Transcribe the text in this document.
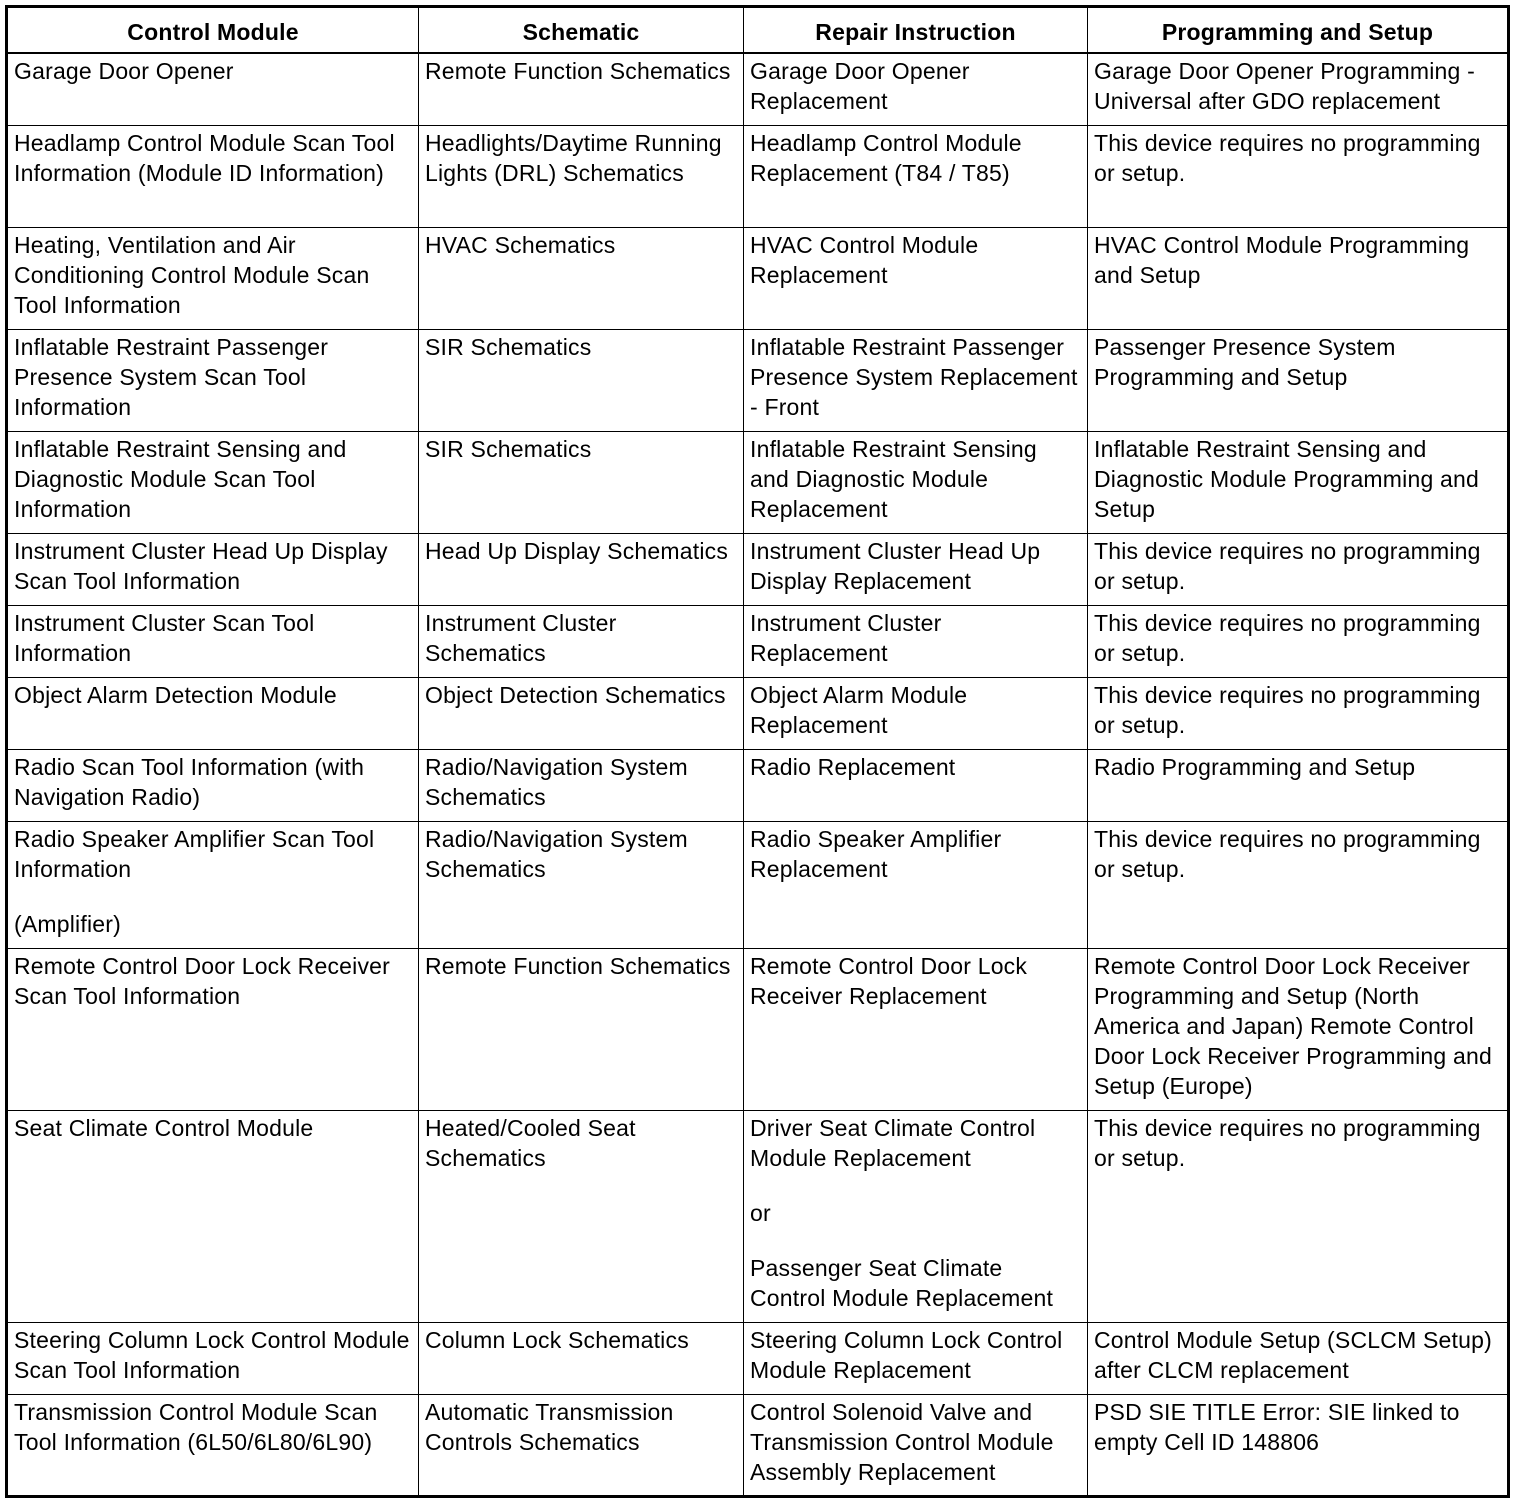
Control Module	Schematic	Repair Instruction	Programming and Setup

Garage Door Opener	Remote Function Schematics	Garage Door Opener Replacement	Garage Door Opener Programming - Universal after GDO replacement

Headlamp Control Module Scan Tool Information (Module ID Information)	Headlights/Daytime Running Lights (DRL) Schematics	Headlamp Control Module Replacement (T84 / T85)	This device requires no programming or setup.

Heating, Ventilation and Air Conditioning Control Module Scan Tool Information	HVAC Schematics	HVAC Control Module Replacement	HVAC Control Module Programming and Setup

Inflatable Restraint Passenger Presence System Scan Tool Information	SIR Schematics	Inflatable Restraint Passenger Presence System Replacement - Front	Passenger Presence System Programming and Setup

Inflatable Restraint Sensing and Diagnostic Module Scan Tool Information	SIR Schematics	Inflatable Restraint Sensing and Diagnostic Module Replacement	Inflatable Restraint Sensing and Diagnostic Module Programming and Setup

Instrument Cluster Head Up Display Scan Tool Information	Head Up Display Schematics	Instrument Cluster Head Up Display Replacement	This device requires no programming or setup.

Instrument Cluster Scan Tool Information	Instrument Cluster Schematics	Instrument Cluster Replacement	This device requires no programming or setup.

Object Alarm Detection Module	Object Detection Schematics	Object Alarm Module Replacement	This device requires no programming or setup.

Radio Scan Tool Information (with Navigation Radio)	Radio/Navigation System Schematics	Radio Replacement	Radio Programming and Setup

Radio Speaker Amplifier Scan Tool Information
(Amplifier)	Radio/Navigation System Schematics	Radio Speaker Amplifier Replacement	This device requires no programming or setup.

Remote Control Door Lock Receiver Scan Tool Information	Remote Function Schematics	Remote Control Door Lock Receiver Replacement	Remote Control Door Lock Receiver Programming and Setup (North America and Japan) Remote Control Door Lock Receiver Programming and Setup (Europe)

Seat Climate Control Module	Heated/Cooled Seat Schematics	Driver Seat Climate Control Module Replacement
or
Passenger Seat Climate Control Module Replacement	This device requires no programming or setup.

Steering Column Lock Control Module Scan Tool Information	Column Lock Schematics	Steering Column Lock Control Module Replacement	Control Module Setup (SCLCM Setup) after CLCM replacement

Transmission Control Module Scan Tool Information (6L50/6L80/6L90)	Automatic Transmission Controls Schematics	Control Solenoid Valve and Transmission Control Module Assembly Replacement	PSD SIE TITLE Error: SIE linked to empty Cell ID 148806
